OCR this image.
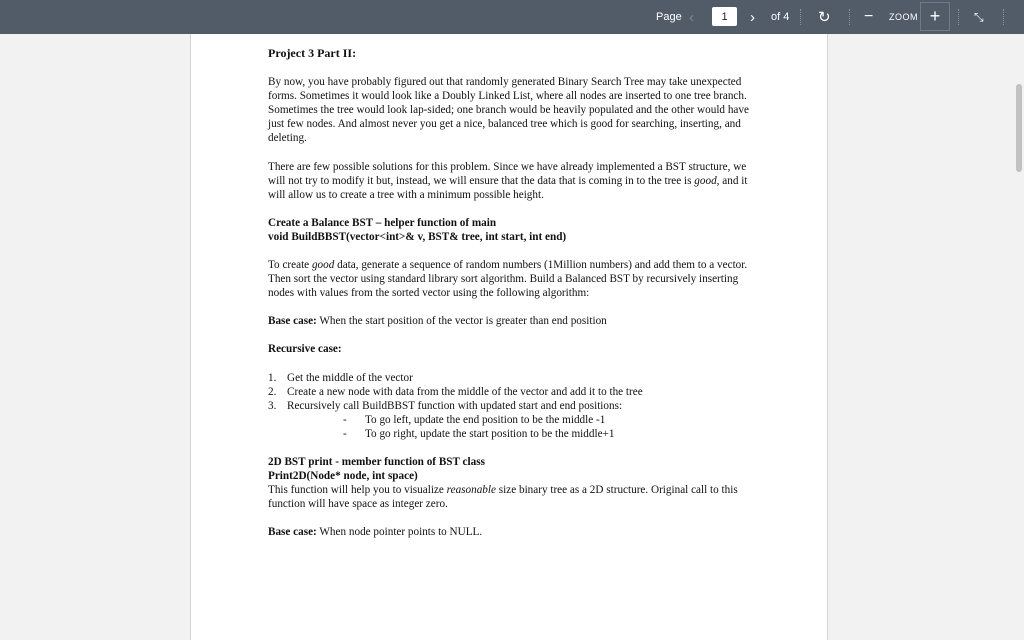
Page ‹
1	› of 4 ↻ − ZOOM +	⤡

Project 3 Part II:

By now, you have probably figured out that randomly generated Binary Search Tree may take unexpected forms. Sometimes it would look like a Doubly Linked List, where all nodes are inserted to one tree branch. Sometimes the tree would look lap-sided; one branch would be heavily populated and the other would have just few nodes. And almost never you get a nice, balanced tree which is good for searching, inserting, and deleting.

There are few possible solutions for this problem. Since we have already implemented a BST structure, we will not try to modify it but, instead, we will ensure that the data that is coming in to the tree is good, and it will allow us to create a tree with a minimum possible height.

Create a Balance BST – helper function of main

void BuildBBST(vector<int>& v, BST& tree, int start, int end)

To create good data, generate a sequence of random numbers (1Million numbers) and add them to a vector. Then sort the vector using standard library sort algorithm. Build a Balanced BST by recursively inserting nodes with values from the sorted vector using the following algorithm:

Base case: When the start position of the vector is greater than end position

Recursive case:

1. Get the middle of the vector
2. Create a new node with data from the middle of the vector and add it to the tree
3. Recursively call BuildBBST function with updated start and end positions:
-	To go left, update the end position to be the middle -1
-	To go right, update the start position to be the middle+1

2D BST print - member function of BST class

Print2D(Node* node, int space)

This function will help you to visualize reasonable size binary tree as a 2D structure. Original call to this function will have space as integer zero.

Base case: When node pointer points to NULL.
